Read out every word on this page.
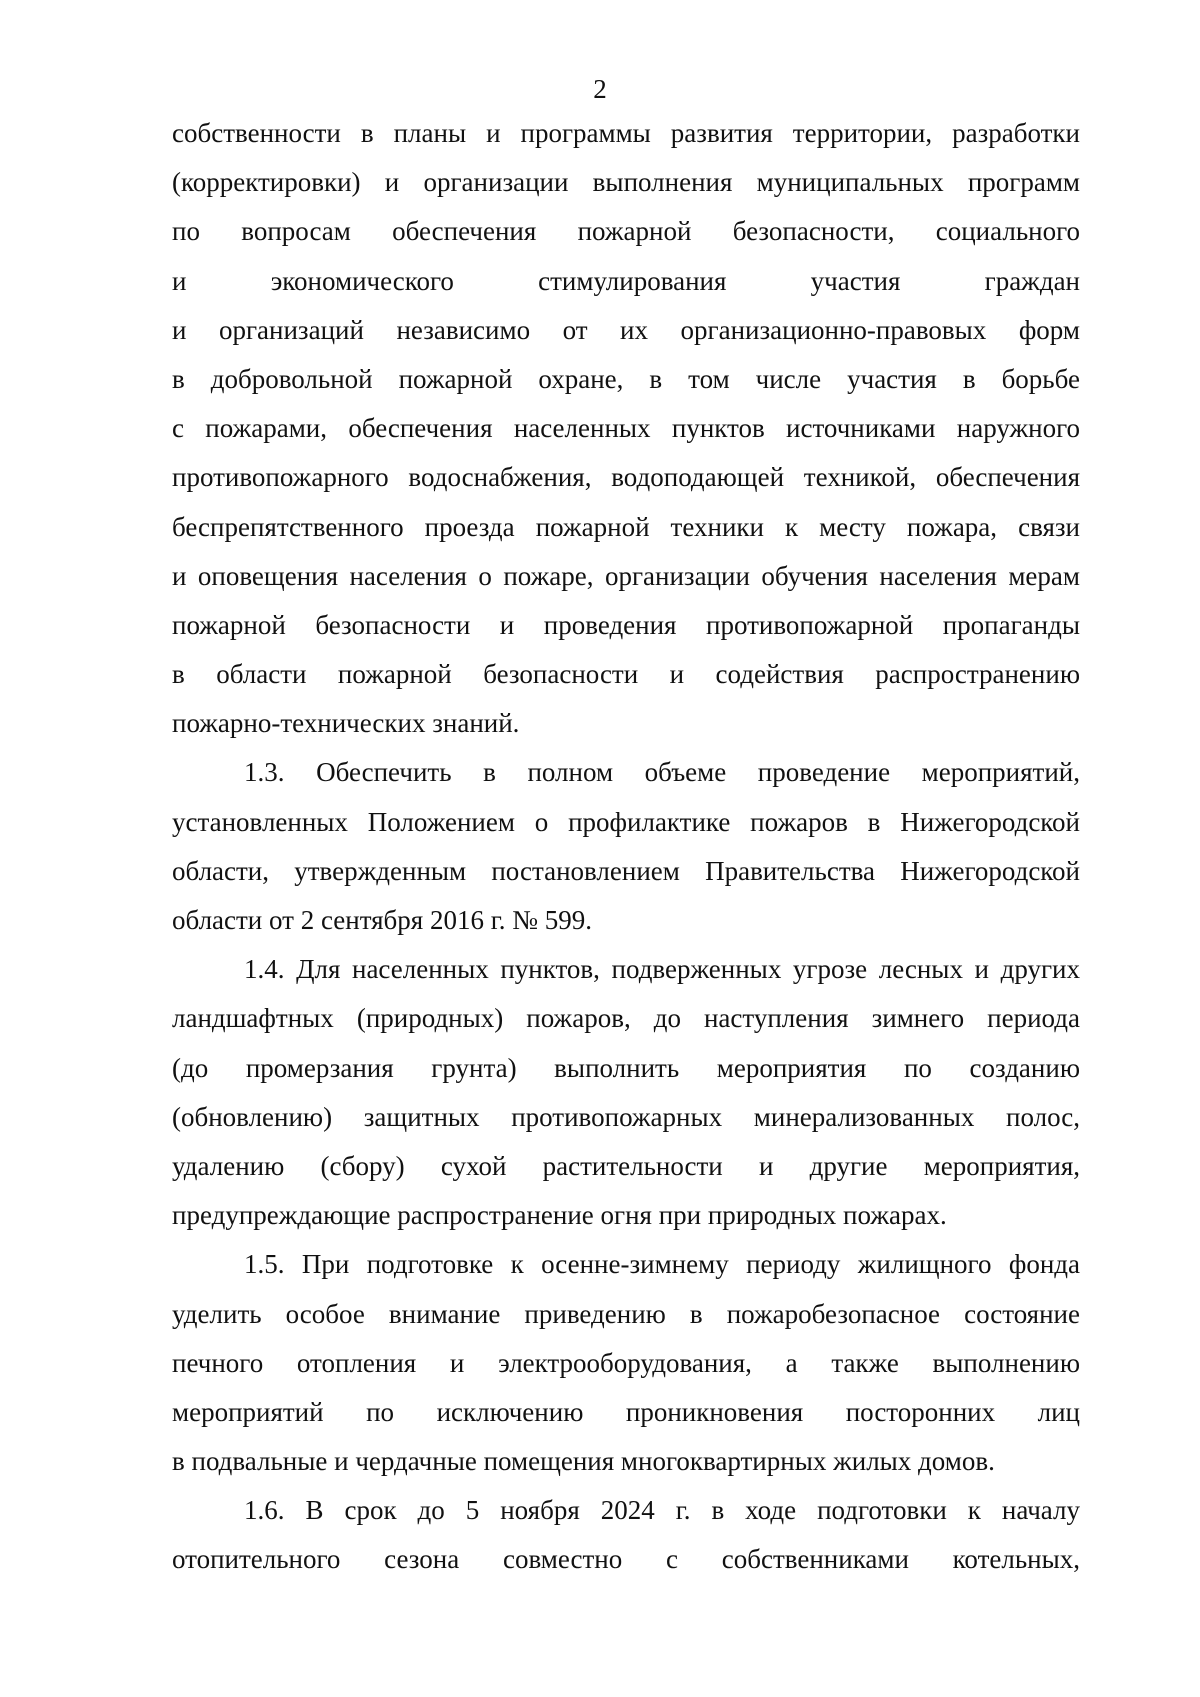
2
собственности в планы и программы развития территории, разработки
(корректировки) и организации выполнения муниципальных программ
по вопросам обеспечения пожарной безопасности, социального
и экономического стимулирования участия граждан
и организаций независимо от их организационно-правовых форм
в добровольной пожарной охране, в том числе участия в борьбе
с пожарами, обеспечения населенных пунктов источниками наружного
противопожарного водоснабжения, водоподающей техникой, обеспечения
беспрепятственного проезда пожарной техники к месту пожара, связи
и оповещения населения о пожаре, организации обучения населения мерам
пожарной безопасности и проведения противопожарной пропаганды
в области пожарной безопасности и содействия распространению
пожарно-технических знаний.
1.3. Обеспечить в полном объеме проведение мероприятий,
установленных Положением о профилактике пожаров в Нижегородской
области, утвержденным постановлением Правительства Нижегородской
области от 2 сентября 2016 г. № 599.
1.4. Для населенных пунктов, подверженных угрозе лесных и других
ландшафтных (природных) пожаров, до наступления зимнего периода
(до промерзания грунта) выполнить мероприятия по созданию
(обновлению) защитных противопожарных минерализованных полос,
удалению (сбору) сухой растительности и другие мероприятия,
предупреждающие распространение огня при природных пожарах.
1.5. При подготовке к осенне-зимнему периоду жилищного фонда
уделить особое внимание приведению в пожаробезопасное состояние
печного отопления и электрооборудования, а также выполнению
мероприятий по исключению проникновения посторонних лиц
в подвальные и чердачные помещения многоквартирных жилых домов.
1.6. В срок до 5 ноября 2024 г. в ходе подготовки к началу
отопительного сезона совместно с собственниками котельных,
